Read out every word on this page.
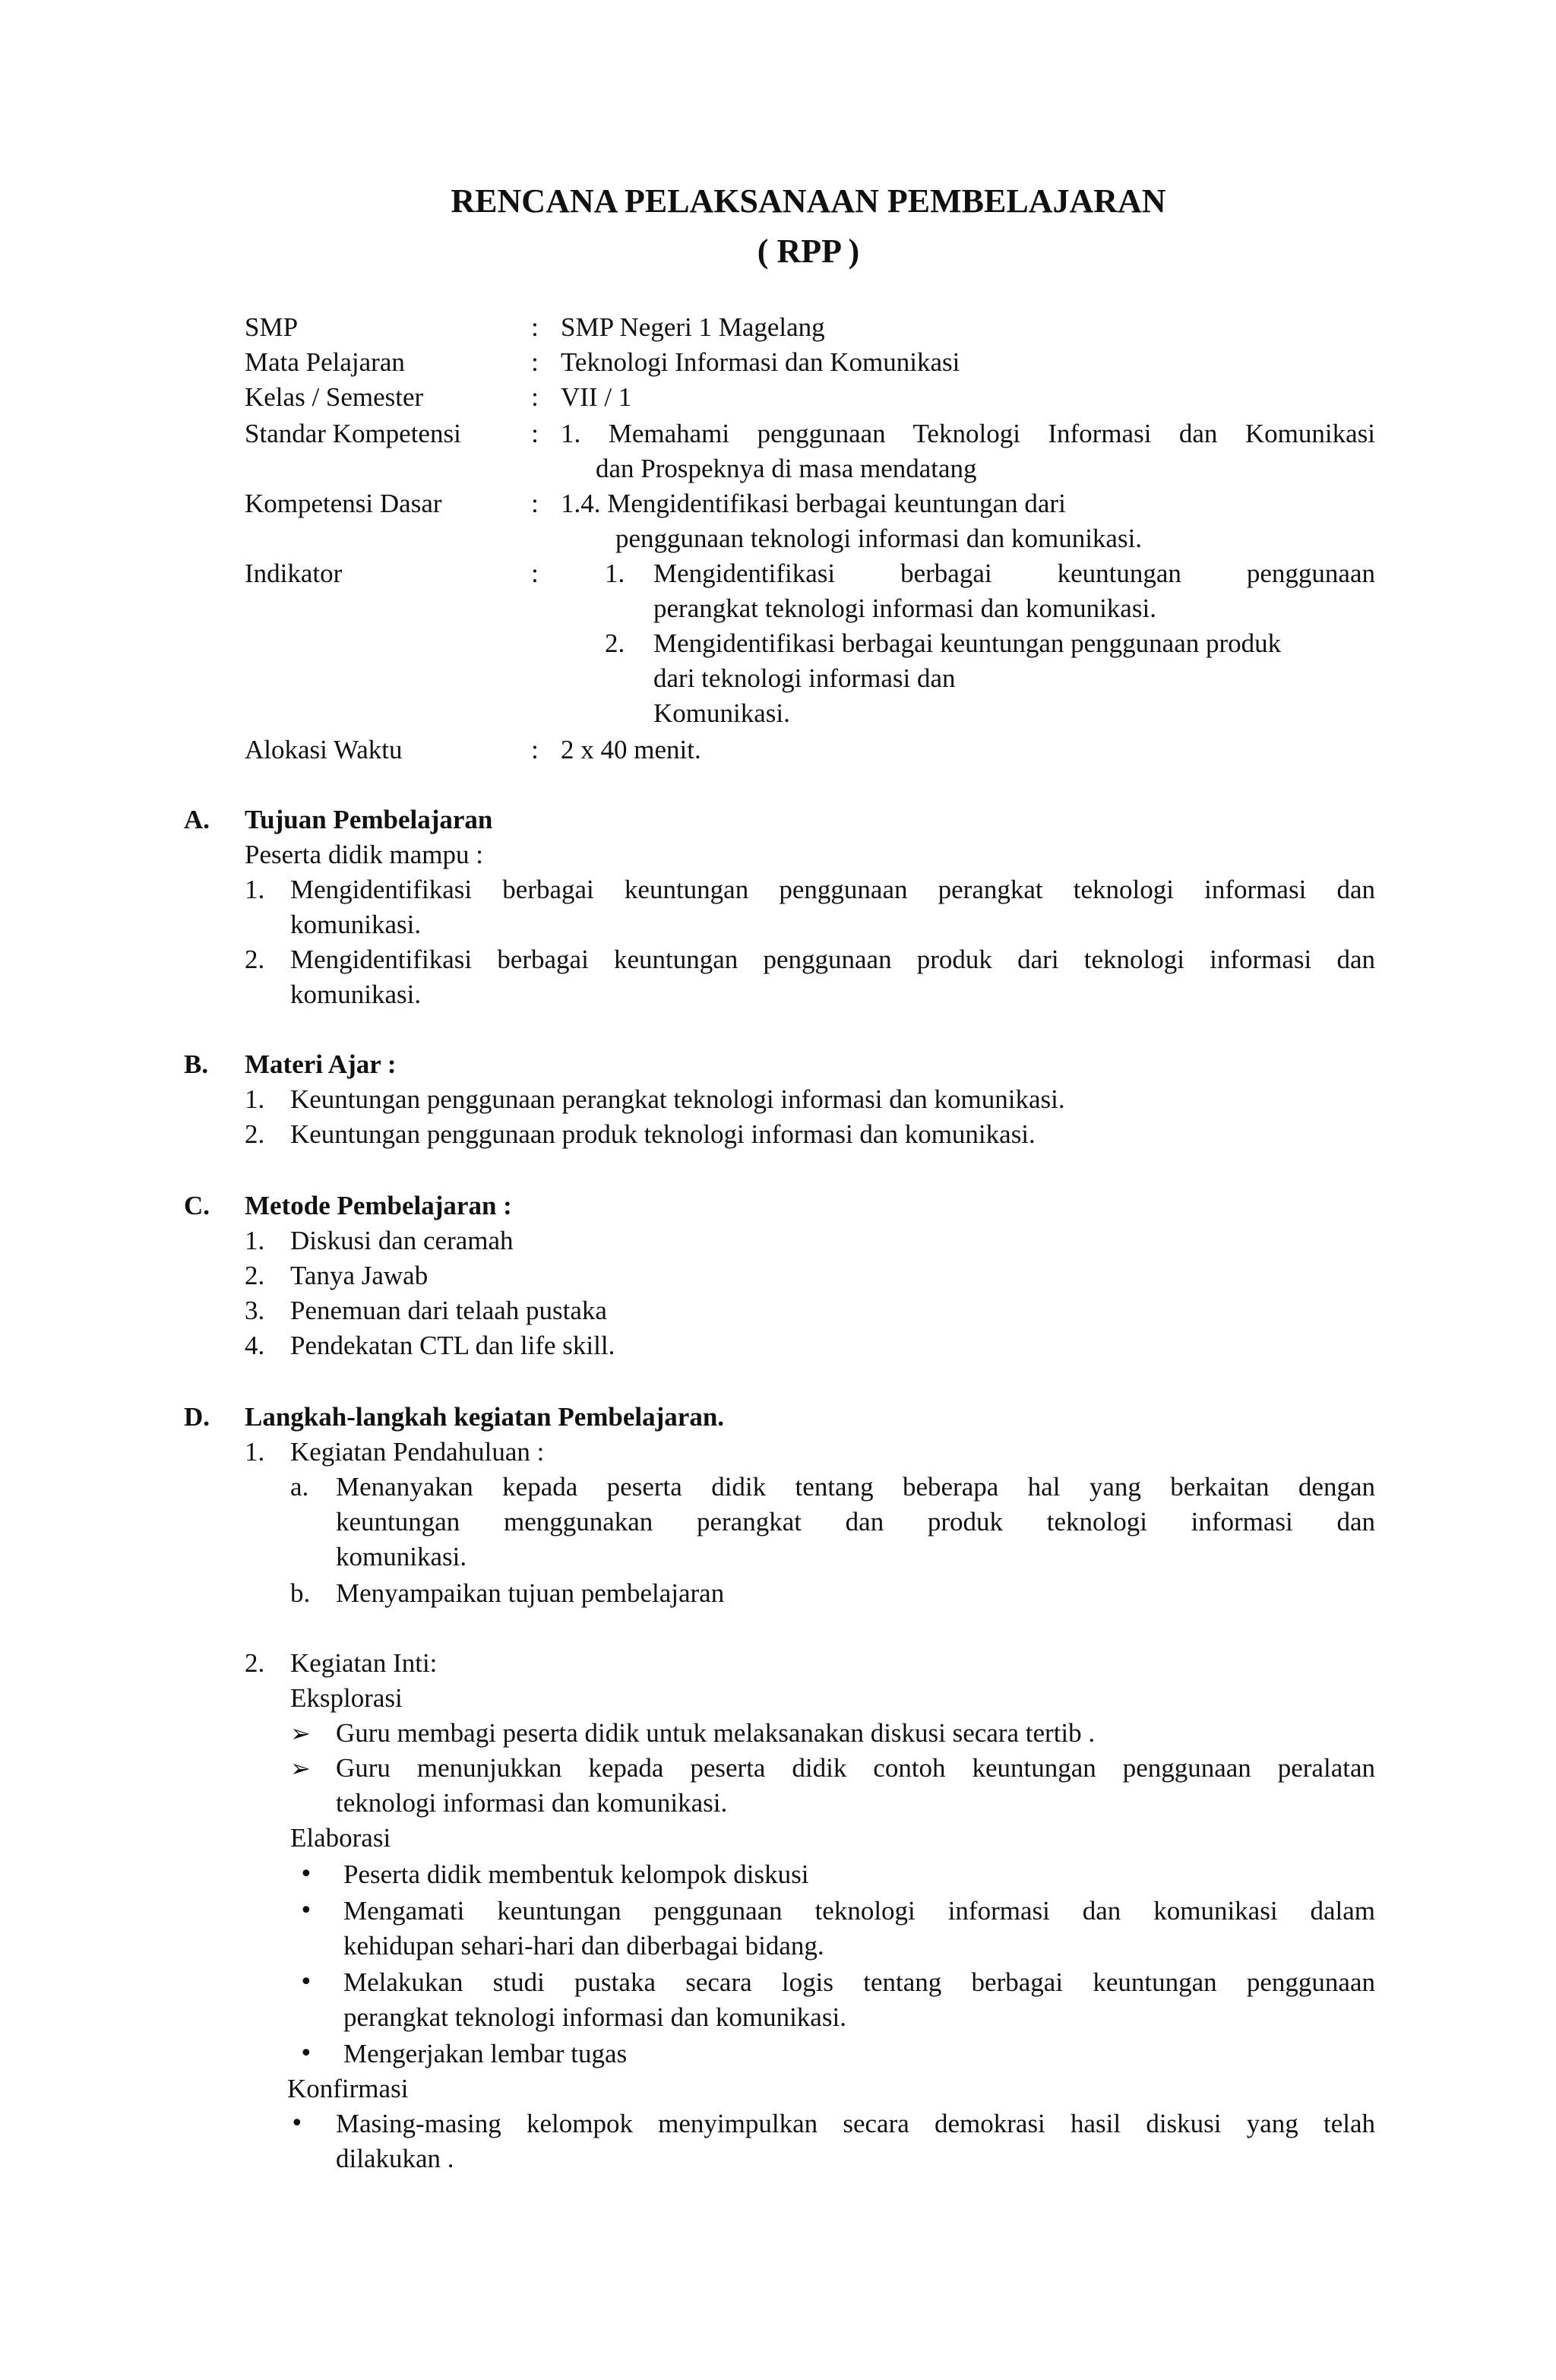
RENCANA PELAKSANAAN PEMBELAJARAN
( RPP )
SMP	: SMP Negeri 1 Magelang
Mata Pelajaran	: Teknologi Informasi dan Komunikasi
Kelas / Semester	: VII / 1
Standar Kompetensi	: 1. Memahami penggunaan Teknologi Informasi dan Komunikasi
dan Prospeknya di masa mendatang
Kompetensi Dasar	: 1.4. Mengidentifikasi berbagai keuntungan dari
penggunaan teknologi informasi dan komunikasi.
Indikator	: 1. Mengidentifikasi berbagai keuntungan penggunaan
perangkat teknologi informasi dan komunikasi.
2. Mengidentifikasi berbagai keuntungan penggunaan produk
dari teknologi informasi dan
Komunikasi.
Alokasi Waktu	: 2 x 40 menit.
A. Tujuan Pembelajaran
Peserta didik mampu :
1. Mengidentifikasi berbagai keuntungan penggunaan perangkat teknologi informasi dan
komunikasi.
2. Mengidentifikasi berbagai keuntungan penggunaan produk dari teknologi informasi dan
komunikasi.
B. Materi Ajar :
1. Keuntungan penggunaan perangkat teknologi informasi dan komunikasi.
2. Keuntungan penggunaan produk teknologi informasi dan komunikasi.
C. Metode Pembelajaran :
1. Diskusi dan ceramah
2. Tanya Jawab
3. Penemuan dari telaah pustaka
4. Pendekatan CTL dan life skill.
D. Langkah-langkah kegiatan Pembelajaran.
1. Kegiatan Pendahuluan :
a. Menanyakan kepada peserta didik tentang beberapa hal yang berkaitan dengan
keuntungan menggunakan perangkat dan produk teknologi informasi dan
komunikasi.
b. Menyampaikan tujuan pembelajaran
2. Kegiatan Inti:
Eksplorasi
➢ Guru membagi peserta didik untuk melaksanakan diskusi secara tertib .
➢ Guru menunjukkan kepada peserta didik contoh keuntungan penggunaan peralatan
teknologi informasi dan komunikasi.
Elaborasi
• Peserta didik membentuk kelompok diskusi
• Mengamati keuntungan penggunaan teknologi informasi dan komunikasi dalam
kehidupan sehari-hari dan diberbagai bidang.
• Melakukan studi pustaka secara logis tentang berbagai keuntungan penggunaan
perangkat teknologi informasi dan komunikasi.
• Mengerjakan lembar tugas
Konfirmasi
• Masing-masing kelompok menyimpulkan secara demokrasi hasil diskusi yang telah
dilakukan .
